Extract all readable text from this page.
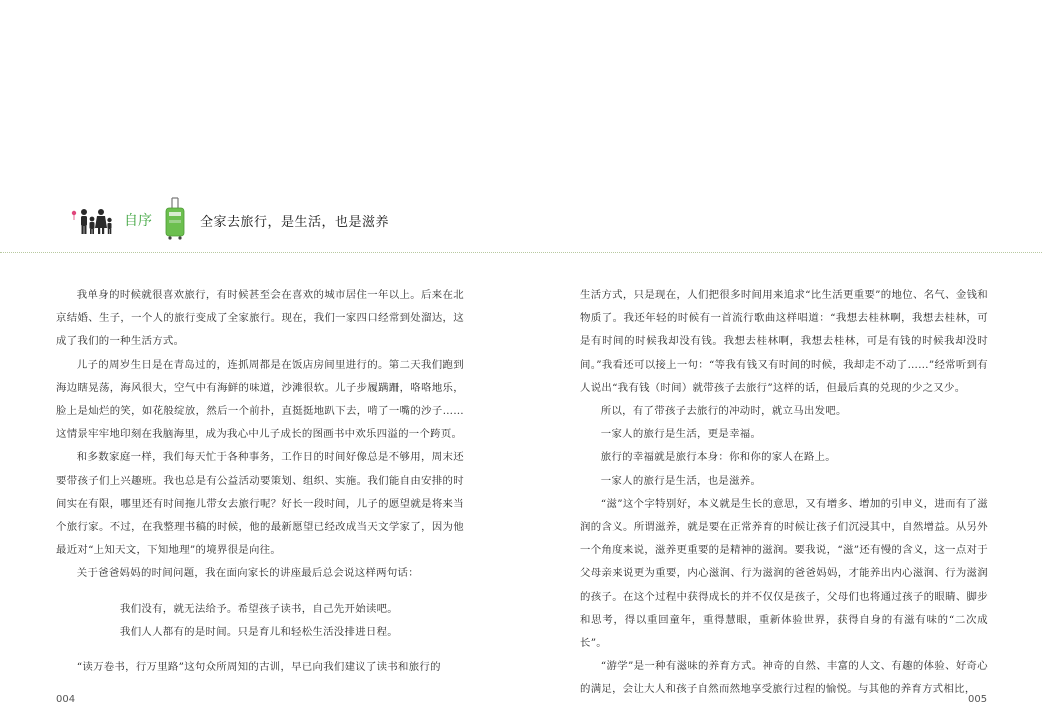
自序	全家去旅行，是生活，也是滋养

我单身的时候就很喜欢旅行，有时候甚至会在喜欢的城市居住一年以上。后来在北京结婚、生子，一个人的旅行变成了全家旅行。现在，我们一家四口经常到处溜达，这成了我们的一种生活方式。

儿子的周岁生日是在青岛过的，连抓周都是在饭店房间里进行的。第二天我们跑到海边瞎晃荡，海风很大，空气中有海鲜的味道，沙滩很软。儿子步履蹒跚，咯咯地乐，脸上是灿烂的笑，如花般绽放，然后一个前扑，直挺挺地趴下去，啃了一嘴的沙子……这情景牢牢地印刻在我脑海里，成为我心中儿子成长的图画书中欢乐四溢的一个跨页。

和多数家庭一样，我们每天忙于各种事务，工作日的时间好像总是不够用，周末还要带孩子们上兴趣班。我也总是有公益活动要策划、组织、实施。我们能自由安排的时间实在有限，哪里还有时间拖儿带女去旅行呢？好长一段时间，儿子的愿望就是将来当个旅行家。不过，在我整理书稿的时候，他的最新愿望已经改成当天文学家了，因为他最近对“上知天文，下知地理”的境界很是向往。

关于爸爸妈妈的时间问题，我在面向家长的讲座最后总会说这样两句话：

我们没有，就无法给予。希望孩子读书，自己先开始读吧。

我们人人都有的是时间。只是育儿和轻松生活没排进日程。

“读万卷书，行万里路”这句众所周知的古训，早已向我们建议了读书和旅行的

生活方式，只是现在，人们把很多时间用来追求“比生活更重要”的地位、名气、金钱和物质了。我还年轻的时候有一首流行歌曲这样唱道：“我想去桂林啊，我想去桂林，可是有时间的时候我却没有钱。我想去桂林啊，我想去桂林，可是有钱的时候我却没时间。”我看还可以接上一句：“等我有钱又有时间的时候，我却走不动了……”经常听到有人说出“我有钱（时间）就带孩子去旅行”这样的话，但最后真的兑现的少之又少。

所以，有了带孩子去旅行的冲动时，就立马出发吧。

一家人的旅行是生活，更是幸福。

旅行的幸福就是旅行本身：你和你的家人在路上。

一家人的旅行是生活，也是滋养。

“滋”这个字特别好，本义就是生长的意思，又有增多、增加的引申义，进而有了滋润的含义。所谓滋养，就是要在正常养育的时候让孩子们沉浸其中，自然增益。从另外一个角度来说，滋养更重要的是精神的滋润。要我说，“滋”还有慢的含义，这一点对于父母亲来说更为重要，内心滋润、行为滋润的爸爸妈妈，才能养出内心滋润、行为滋润的孩子。在这个过程中获得成长的并不仅仅是孩子，父母们也将通过孩子的眼睛、脚步和思考，得以重回童年，重得慧眼，重新体验世界，获得自身的有滋有味的“二次成长”。

“游学”是一种有滋味的养育方式。神奇的自然、丰富的人文、有趣的体验、好奇心的满足，会让大人和孩子自然而然地享受旅行过程的愉悦。与其他的养育方式相比，

004	005
